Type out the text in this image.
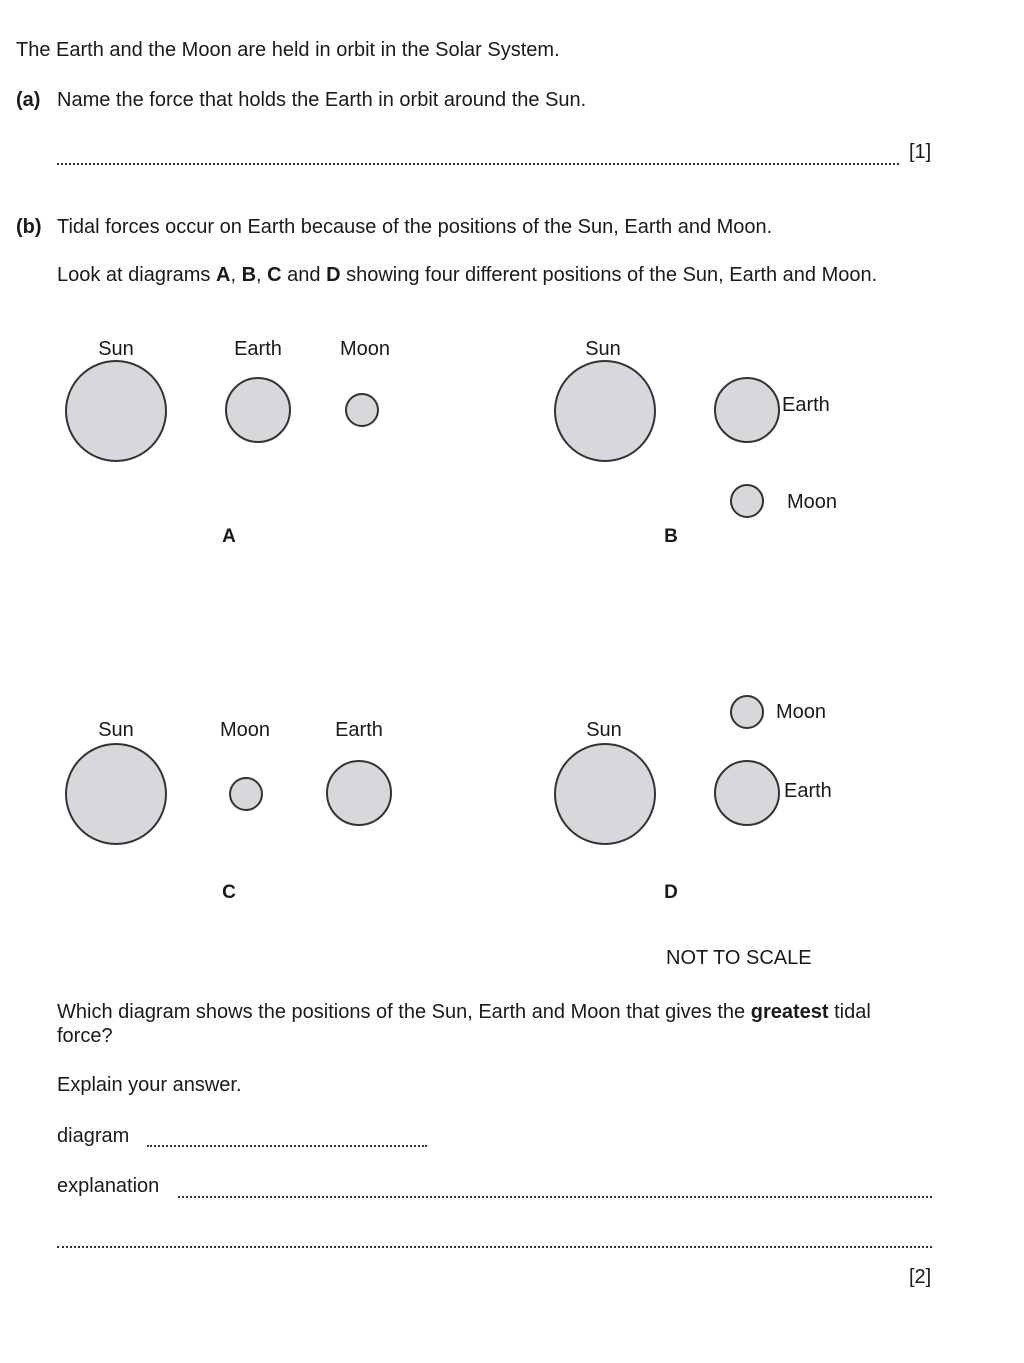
The Earth and the Moon are held in orbit in the Solar System.
(a) Name the force that holds the Earth in orbit around the Sun.
[1]
(b) Tidal forces occur on Earth because of the positions of the Sun, Earth and Moon.
Look at diagrams A, B, C and D showing four different positions of the Sun, Earth and Moon.
Sun	Earth	Moon
A
Sun
Earth
Moon
B
Sun	Moon	Earth
C
Sun
Moon
Earth
D
NOT TO SCALE
Which diagram shows the positions of the Sun, Earth and Moon that gives the greatest tidal
force?
Explain your answer.
diagram
explanation
[2]
